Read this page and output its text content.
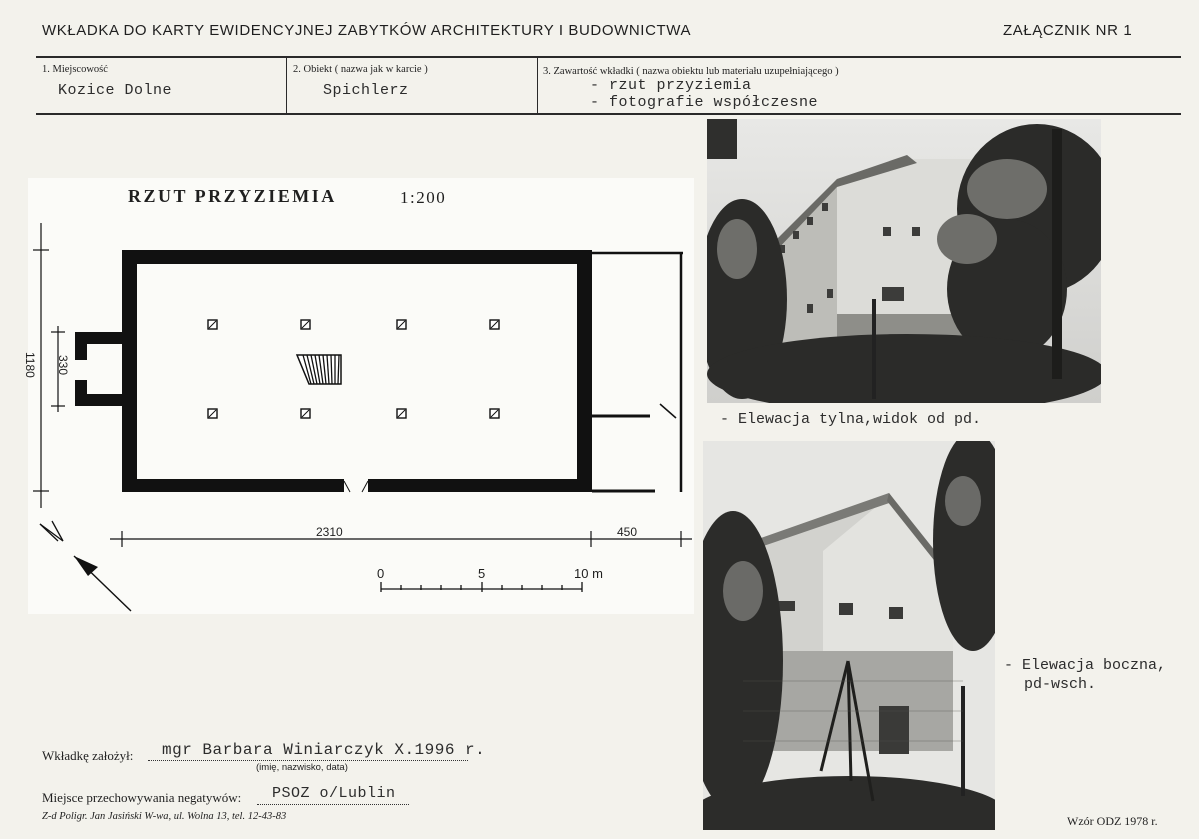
WKŁADKA DO KARTY EWIDENCYJNEJ ZABYTKÓW ARCHITEKTURY I BUDOWNICTWA	ZAŁĄCZNIK NR 1
1. Miejscowość
Kozice Dolne
2. Obiekt ( nazwa jak w karcie )
Spichlerz
3. Zawartość wkładki ( nazwa obiektu lub materiału uzupełniającego )
- rzut przyziemia
- fotografie współczesne
RZUT PRZYZIEMIA	1:200
2310	450
1180 330
0	5	10 m
- Elewacja tylna,widok od pd.
- Elewacja boczna,
pd-wsch.
Wkładkę założył: mgr Barbara Winiarczyk X.1996 r.
(imię, nazwisko, data)
Miejsce przechowywania negatywów: PSOZ o/Lublin
Z-d Poligr. Jan Jasiński W-wa, ul. Wolna 13, tel. 12-43-83	Wzór ODZ 1978 r.
